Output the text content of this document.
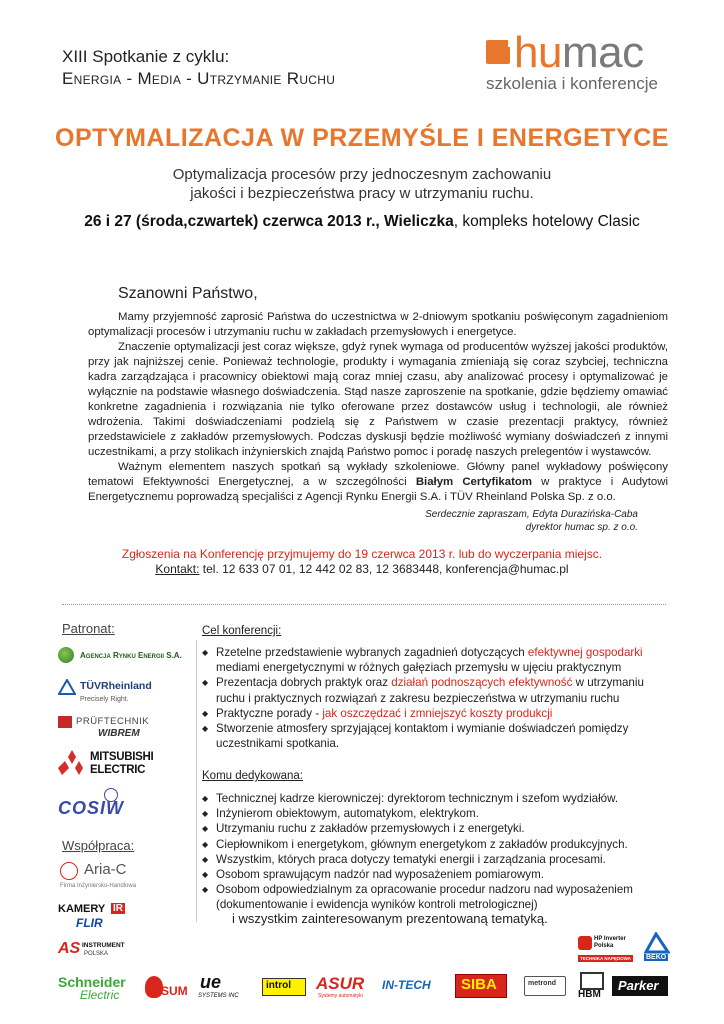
XIII Spotkanie z cyklu:
Energia - Media - Utrzymanie Ruchu
humac
szkolenia i konferencje
OPTYMALIZACJA W PRZEMYŚLE I ENERGETYCE
Optymalizacja procesów przy jednoczesnym zachowaniu
jakości i bezpieczeństwa pracy w utrzymaniu ruchu.
26 i 27 (środa,czwartek) czerwca 2013 r., Wieliczka, kompleks hotelowy Clasic
Szanowni Państwo,

Mamy przyjemność zaprosić Państwa do uczestnictwa w 2-dniowym spotkaniu poświęconym zagadnieniom optymalizacji procesów i utrzymaniu ruchu w zakładach przemysłowych i energetyce.

Znaczenie optymalizacji jest coraz większe, gdyż rynek wymaga od producentów wyższej jakości produktów, przy jak najniższej cenie. Ponieważ technologie, produkty i wymagania zmieniają się coraz szybciej, techniczna kadra zarządzająca i pracownicy obiektowi mają coraz mniej czasu, aby analizować procesy i optymalizować je wyłącznie na podstawie własnego doświadczenia. Stąd nasze zaproszenie na spotkanie, gdzie będziemy omawiać konkretne zagadnienia i rozwiązania nie tylko oferowane przez dostawców usług i technologii, ale również wdrożenia. Takimi doświadczeniami podzielą się z Państwem w czasie prezentacji praktycy, również przedstawiciele z zakładów przemysłowych. Podczas dyskusji będzie możliwość wymiany doświadczeń z innymi uczestnikami, a przy stolikach inżynierskich znajdą Państwo pomoc i poradę naszych prelegentów i wystawców.

Ważnym elementem naszych spotkań są wykłady szkoleniowe. Główny panel wykładowy poświęcony tematowi Efektywności Energetycznej, a w szczególności Białym Certyfikatom w praktyce i Audytowi Energetycznemu poprowadzą specjaliści z Agencji Rynku Energii S.A. i TÜV Rheinland Polska Sp. z o.o.

Serdecznie zapraszam, Edyta Durazińska-Caba
dyrektor humac sp. z o.o.
Zgłoszenia na Konferencję przyjmujemy do 19 czerwca 2013 r. lub do wyczerpania miejsc.
Kontakt: tel. 12 633 07 01, 12 442 02 83, 12 3683448, konferencja@humac.pl
Patronat:
Agencja Rynku Energii S.A.
TÜVRheinland
Precisely Right.
PRÜFTECHNIK
WIBREM
MITSUBISHI
ELECTRIC
COSIW
Współpraca:
Aria-C
Firma Inżyniersko-Handlowa
KAMERY IR
FLIR
AS INSTRUMENT
POLSKA
Cel konferencji:
◆ Rzetelne przedstawienie wybranych zagadnień dotyczących efektywnej gospodarki mediami energetycznymi w różnych gałęziach przemysłu w ujęciu praktycznym
◆ Prezentacja dobrych praktyk oraz działań podnoszących efektywność w utrzymaniu ruchu i praktycznych rozwiązań z zakresu bezpieczeństwa w utrzymaniu ruchu
◆ Praktyczne porady - jak oszczędzać i zmniejszyć koszty produkcji
◆ Stworzenie atmosfery sprzyjającej kontaktom i wymianie doświadczeń pomiędzy uczestnikami spotkania.
Komu dedykowana:
◆ Technicznej kadrze kierowniczej: dyrektorom technicznym i szefom wydziałów.
◆ Inżynierom obiektowym, automatykom, elektrykom.
◆ Utrzymaniu ruchu z zakładów przemysłowych i z energetyki.
◆ Ciepłownikom i energetykom, głównym energetykom z zakładów produkcyjnych.
◆ Wszystkim, których praca dotyczy tematyki energii i zarządzania procesami.
◆ Osobom sprawującym nadzór nad wyposażeniem pomiarowym.
◆ Osobom odpowiedzialnym za opracowanie procedur nadzoru nad wyposażeniem (dokumentowanie i ewidencja wyników kontroli metrologicznej)
i wszystkim zainteresowanym prezentowaną tematyką.
HP Inverter Polska
TECHNIKA NAPĘDOWA BEKO
Schneider
Electric	SUM ue
SYSTEMS INC
introl ASUR
Systemy automatyki
IN-TECH SIBA	metrond
HBM
Parker
